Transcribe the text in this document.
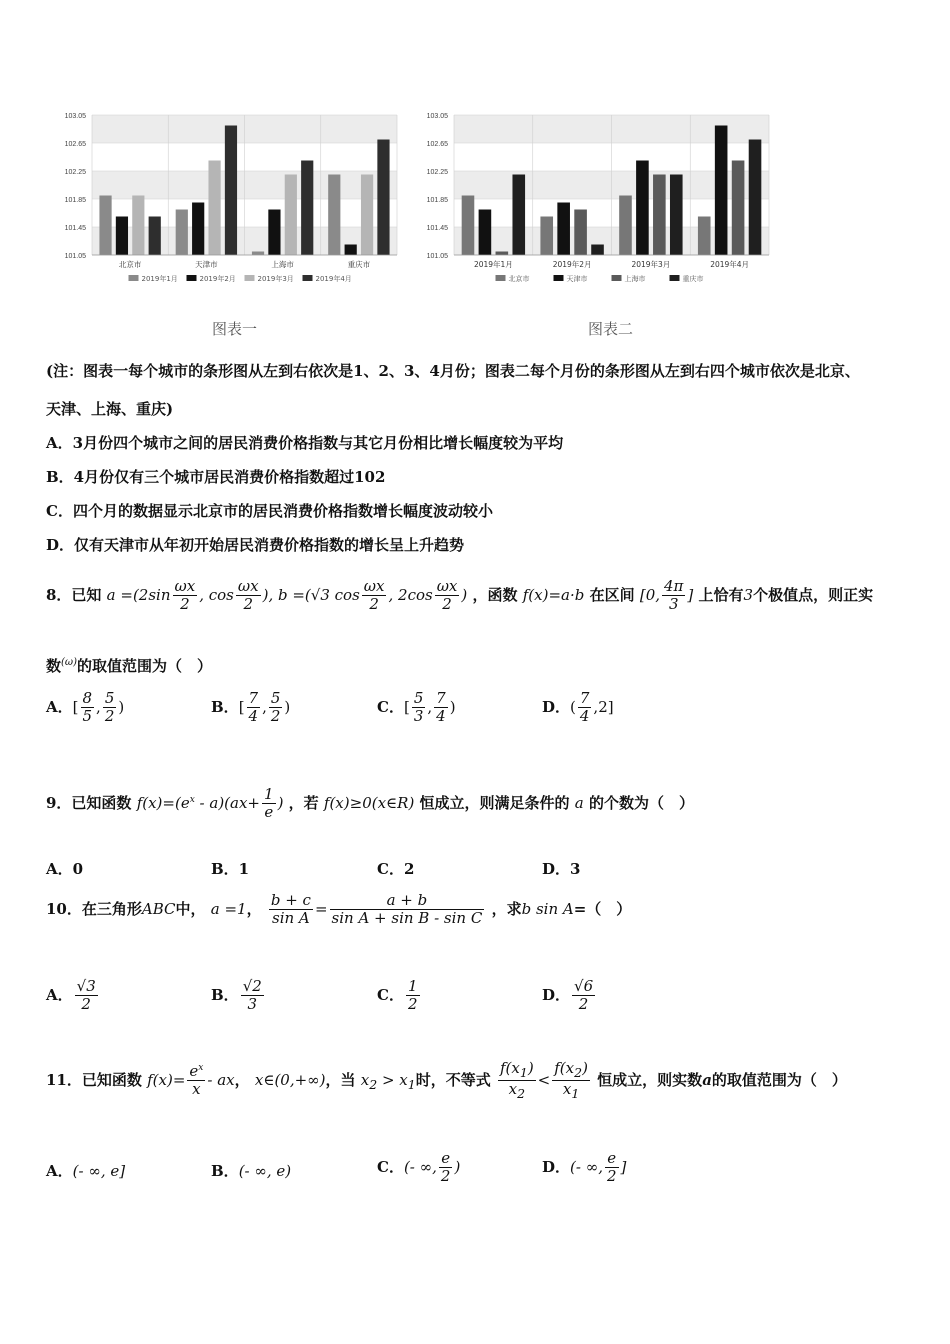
103.05
102.65
102.25
101.85
101.45
101.05
北京市	天津市	上海市	重庆市
2019年1月	2019年2月	2019年3月	2019年4月
图表一
103.05
102.65
102.25
101.85
101.45
101.05
2019年1月	2019年2月	2019年3月	2019年4月
北京市	天津市	上海市	重庆市
图表二
(注：图表一每个城市的条形图从左到右依次是1、2、3、4月份；图表二每个月份的条形图从左到右四个城市依次是北京、
天津、上海、重庆)
A．3月份四个城市之间的居民消费价格指数与其它月份相比增长幅度较为平均
B．4月份仅有三个城市居民消费价格指数超过102
C．四个月的数据显示北京市的居民消费价格指数增长幅度波动较小
D．仅有天津市从年初开始居民消费价格指数的增长呈上升趋势
8．已知 $a =(2\sin \frac{\omega x}{2}$ , $\cos \frac{\omega x}{2}$ ), b =(√3 $\cos \frac{\omega x}{2}$ , $2\cos \frac{\omega x}{2}$ ) ，函数 f(x)=a·b 在区间 [0, $\frac{4\pi}{3}$ ] 上恰有3个极值点，则正实
数$^{(\omega)}$的取值范围为（　）
A．[ $\frac{8}{5}$ , $\frac{5}{2}$ )	B．[ $\frac{7}{4}$ , $\frac{5}{2}$ )	C．[ $\frac{5}{3}$ , $\frac{7}{4}$ )	D．( $\frac{7}{4} ,2$]
9．已知函数 $f(x)=(e^x - a)(ax+ \frac{1}{e}$ ) ，若 f(x)≥0(x∈R) 恒成立，则满足条件的 a 的个数为（　）
A．0	B．1	C．2	D．3
10．在三角形ABC中， a =1， $\frac{b + c}{\text{sin A}} = \frac{a + b}{\text{sin A + sin B - sin C}}$ ，求b sin A=（　）
A． $\frac{√3}{2}$	B． $\frac{√2}{3}$	C． $\frac{1}{2}$	D． $\frac{√6}{2}$
11．已知函数 $f(x)= \frac{e^x}{x}$ - ax， x∈(0,+∞)，当 $x_2 > x_1$时，不等式 $\frac{f(x_1)}{x_2} < \frac{f(x_2)}{x_1}$ 恒成立，则实数a的取值范围为（　）
A．(- ∞, e]	B．(- ∞, e)	C．(- ∞, $\frac{e}{2}$ )	D．(- ∞, $\frac{e}{2}$ ]
